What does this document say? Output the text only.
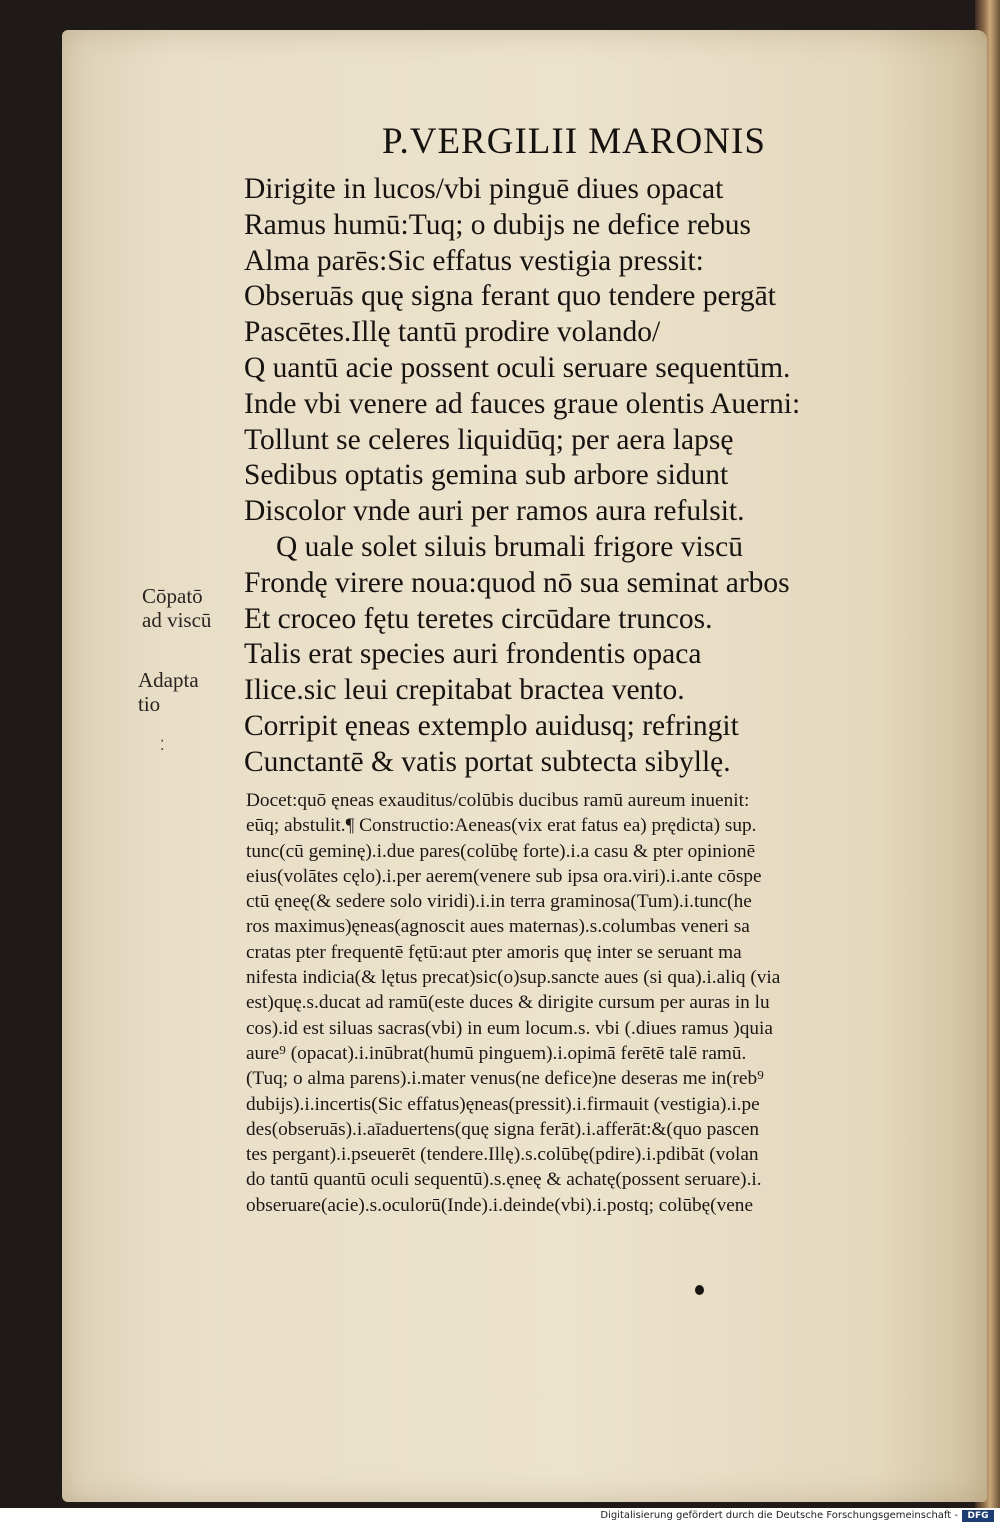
P.VERGILII MARONIS
Dirigite in lucos/vbi pinguē diues opacat
Ramus humū:Tuq; o dubijs ne defice rebus
Alma parēs:Sic effatus vestigia pressit:
Obseruās quę signa ferant quo tendere pergāt
Pascētes.Illę tantū prodire volando/
Q uantū acie possent oculi seruare sequentūm.
Inde vbi venere ad fauces graue olentis Auerni:
Tollunt se celeres liquidūq; per aera lapsę
Sedibus optatis gemina sub arbore sidunt
Discolor vnde auri per ramos aura refulsit.
Q uale solet siluis brumali frigore viscū
Frondę virere noua:quod nō sua seminat arbos
Et croceo fętu teretes circūdare truncos.
Talis erat species auri frondentis opaca
Ilice.sic leui crepitabat bractea vento.
Corripit ęneas extemplo auidusq; refringit
Cunctantē & vatis portat subtecta sibyllę.
Cōpatō
ad viscū
Adapta
tio
⁚
Docet:quō ęneas exauditus/colūbis ducibus ramū aureum inuenit:
eūq; abstulit.¶ Constructio:Aeneas(vix erat fatus ea) prędicta) sup.
tunc(cū geminę).i.due pares(colūbę forte).i.a casu & pter opinionē
eius(volātes cęlo).i.per aerem(venere sub ipsa ora.viri).i.ante cōspe
ctū ęneę(& sedere solo viridi).i.in terra graminosa(Tum).i.tunc(he
ros maximus)ęneas(agnoscit aues maternas).s.columbas veneri sa
cratas pter frequentē fętū:aut pter amoris quę inter se seruant ma
nifesta indicia(& lętus precat)sic(o)sup.sancte aues (si qua).i.aliq (via
est)quę.s.ducat ad ramū(este duces & dirigite cursum per auras in lu
cos).id est siluas sacras(vbi) in eum locum.s. vbi (.diues ramus )quia
aure⁹ (opacat).i.inūbrat(humū pinguem).i.opimā ferētē talē ramū.
(Tuq; o alma parens).i.mater venus(ne defice)ne deseras me in(reb⁹
dubijs).i.incertis(Sic effatus)ęneas(pressit).i.firmauit (vestigia).i.pe
des(obseruās).i.aīaduertens(quę signa ferāt).i.afferāt:&(quo pascen
tes pergant).i.pseuerēt (tendere.Illę).s.colūbę(pdire).i.pdibāt (volan
do tantū quantū oculi sequentū).s.ęneę & achatę(possent seruare).i.
obseruare(acie).s.oculorū(Inde).i.deinde(vbi).i.postq; colūbę(vene
Digitalisierung gefördert durch die Deutsche Forschungsgemeinschaft -	DFG
